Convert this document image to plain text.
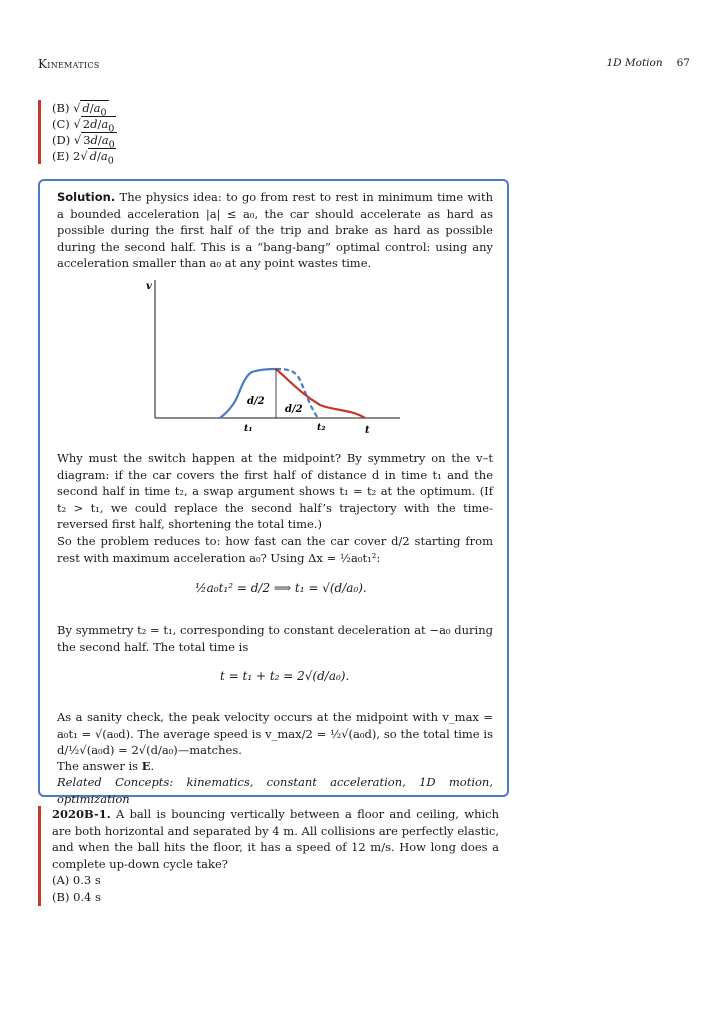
Kinematics	1D Motion 67
(B) √ $d/a_0$
(C) √ $2d/a_0$
(D) √ $3d/a_0$
(E) 2√ $d/a_0$
Solution. The physics idea: to go from rest to rest in minimum time with a bounded acceleration |a| ≤ a₀, the car should accelerate as hard as possible during the first half of the trip and brake as hard as possible during the second half. This is a “bang-bang” optimal control: using any acceleration smaller than a₀ at any point wastes time.
v
t
d/2
d/2
t₁	t₂
Why must the switch happen at the midpoint? By symmetry on the v–t diagram: if the car covers the first half of distance d in time t₁ and the second half in time t₂, a swap argument shows t₁ = t₂ at the optimum. (If t₂ > t₁, we could replace the second half’s trajectory with the time-reversed first half, shortening the total time.)
So the problem reduces to: how fast can the car cover d/2 starting from rest with maximum acceleration a₀? Using Δx = ½a₀t₁²:
½a₀t₁² = d/2 ⟹ t₁ = √(d/a₀).
By symmetry t₂ = t₁, corresponding to constant deceleration at −a₀ during the second half. The total time is
t = t₁ + t₂ = 2√(d/a₀).
As a sanity check, the peak velocity occurs at the midpoint with v_max = a₀t₁ = √(a₀d). The average speed is v_max/2 = ½√(a₀d), so the total time is d/½√(a₀d) = 2√(d/a₀)—matches.
The answer is E.
Related Concepts: kinematics, constant acceleration, 1D motion, optimization
2020B-1. A ball is bouncing vertically between a floor and ceiling, which are both horizontal and separated by 4 m. All collisions are perfectly elastic, and when the ball hits the floor, it has a speed of 12 m/s. How long does a complete up-down cycle take?
(A) 0.3 s
(B) 0.4 s
